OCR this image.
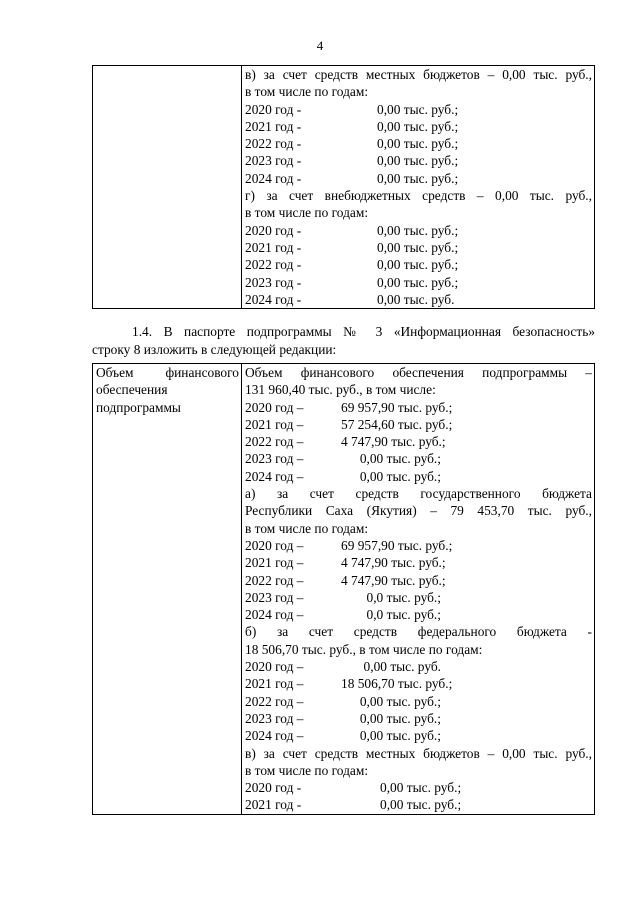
4

в) за счет средств местных бюджетов – 0,00 тыс. руб.,
в том числе по годам:
2020 год -	0,00 тыс. руб.;
2021 год -	0,00 тыс. руб.;
2022 год -	0,00 тыс. руб.;
2023 год -	0,00 тыс. руб.;
2024 год -	0,00 тыс. руб.;
г) за счет внебюджетных средств – 0,00 тыс. руб.,
в том числе по годам:
2020 год -	0,00 тыс. руб.;
2021 год -	0,00 тыс. руб.;
2022 год -	0,00 тыс. руб.;
2023 год -	0,00 тыс. руб.;
2024 год -	0,00 тыс. руб.
1.4. В паспорте подпрограммы № 3 «Информационная безопасность»
строку 8 изложить в следующей редакции:
Объем финансового
обеспечения
подпрограммы

Объем финансового обеспечения подпрограммы –
131 960,40 тыс. руб., в том числе:
2020 год –	69 957,90 тыс. руб.;
2021 год –	57 254,60 тыс. руб.;
2022 год –	4 747,90 тыс. руб.;
2023 год –	0,00 тыс. руб.;
2024 год –	0,00 тыс. руб.;
а) за счет средств государственного бюджета
Республики Саха (Якутия) – 79 453,70 тыс. руб.,
в том числе по годам:
2020 год –	69 957,90 тыс. руб.;
2021 год –	4 747,90 тыс. руб.;
2022 год –	4 747,90 тыс. руб.;
2023 год –	0,0 тыс. руб.;
2024 год –	0,0 тыс. руб.;
б) за счет средств федерального бюджета -
18 506,70 тыс. руб., в том числе по годам:
2020 год –	0,00 тыс. руб.
2021 год –	18 506,70 тыс. руб.;
2022 год –	0,00 тыс. руб.;
2023 год –	0,00 тыс. руб.;
2024 год –	0,00 тыс. руб.;
в) за счет средств местных бюджетов – 0,00 тыс. руб.,
в том числе по годам:
2020 год -	0,00 тыс. руб.;
2021 год -	0,00 тыс. руб.;
